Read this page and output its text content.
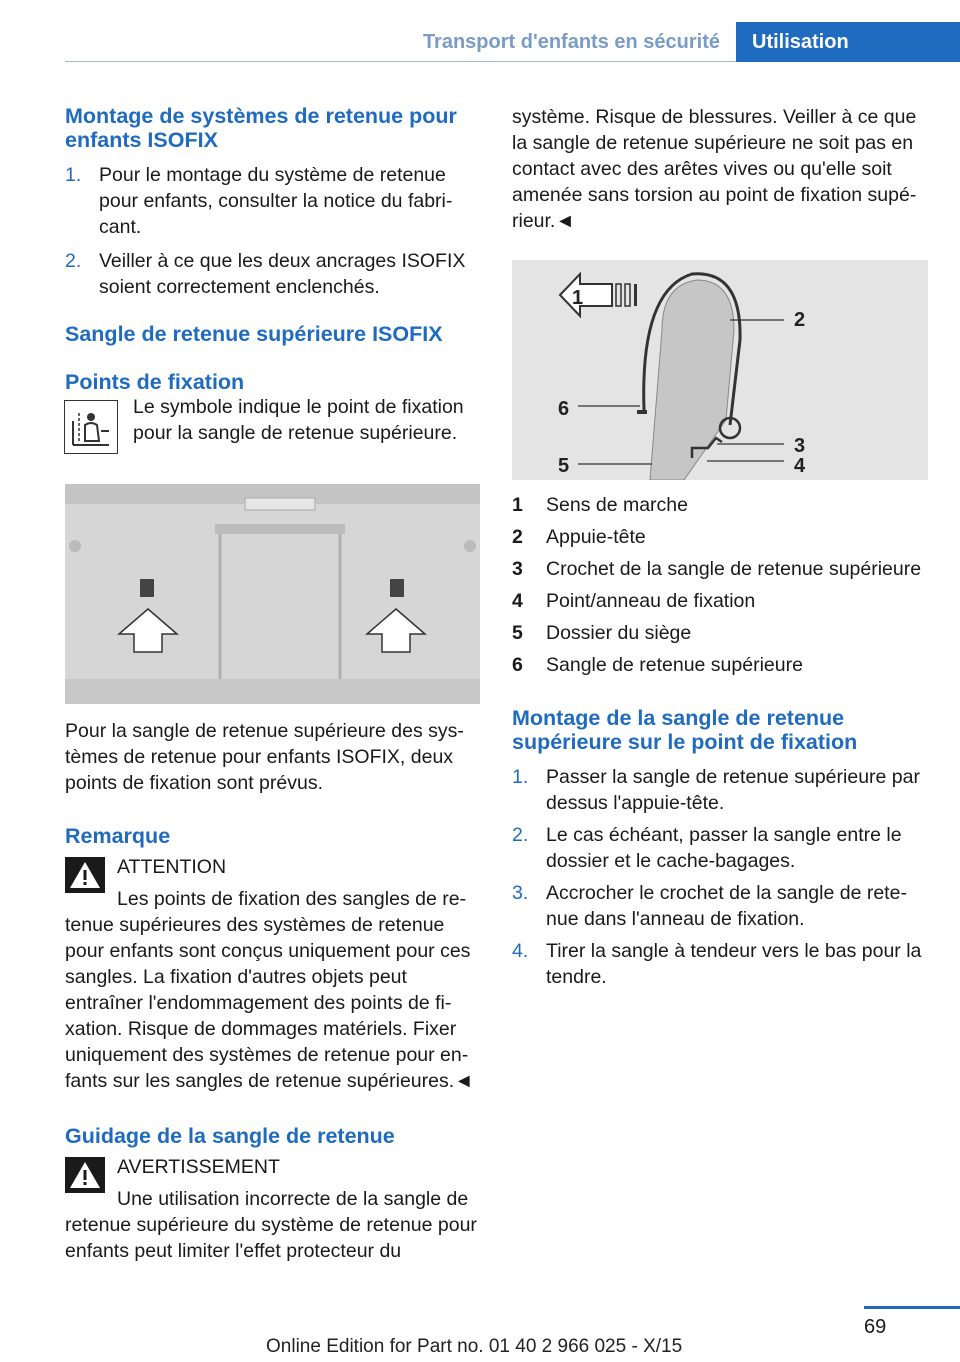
Transport d'enfants en sécurité Utilisation
Montage de systèmes de retenue pour enfants ISOFIX
1. Pour le montage du système de retenue pour enfants, consulter la notice du fabricant.
2. Veiller à ce que les deux ancrages ISOFIX soient correctement enclenchés.
Sangle de retenue supérieure ISOFIX
Points de fixation

Le symbole indique le point de fixation pour la sangle de retenue supérieure.

Pour la sangle de retenue supérieure des systèmes de retenue pour enfants ISOFIX, deux points de fixation sont prévus.

Remarque

ATTENTION

Les points de fixation des sangles de retenue supérieures des systèmes de retenue pour enfants sont conçus uniquement pour ces sangles. La fixation d'autres objets peut entraîner l'endommagement des points de fixation. Risque de dommages matériels. Fixer uniquement des systèmes de retenue pour enfants sur les sangles de retenue supérieures.◄

Guidage de la sangle de retenue

AVERTISSEMENT

Une utilisation incorrecte de la sangle de retenue supérieure du système de retenue pour enfants peut limiter l'effet protecteur du

système. Risque de blessures. Veiller à ce que la sangle de retenue supérieure ne soit pas en contact avec des arêtes vives ou qu'elle soit amenée sans torsion au point de fixation supérieur.◄

1
2
3
4
5
6
1 Sens de marche
2 Appuie-tête
3 Crochet de la sangle de retenue supérieure
4 Point/anneau de fixation
5 Dossier du siège
6 Sangle de retenue supérieure
Montage de la sangle de retenue supérieure sur le point de fixation
1. Passer la sangle de retenue supérieure par dessus l'appuie-tête.
2. Le cas échéant, passer la sangle entre le dossier et le cache-bagages.
3. Accrocher le crochet de la sangle de retenue dans l'anneau de fixation.
4. Tirer la sangle à tendeur vers le bas pour la tendre.
69
Online Edition for Part no. 01 40 2 966 025 - X/15
